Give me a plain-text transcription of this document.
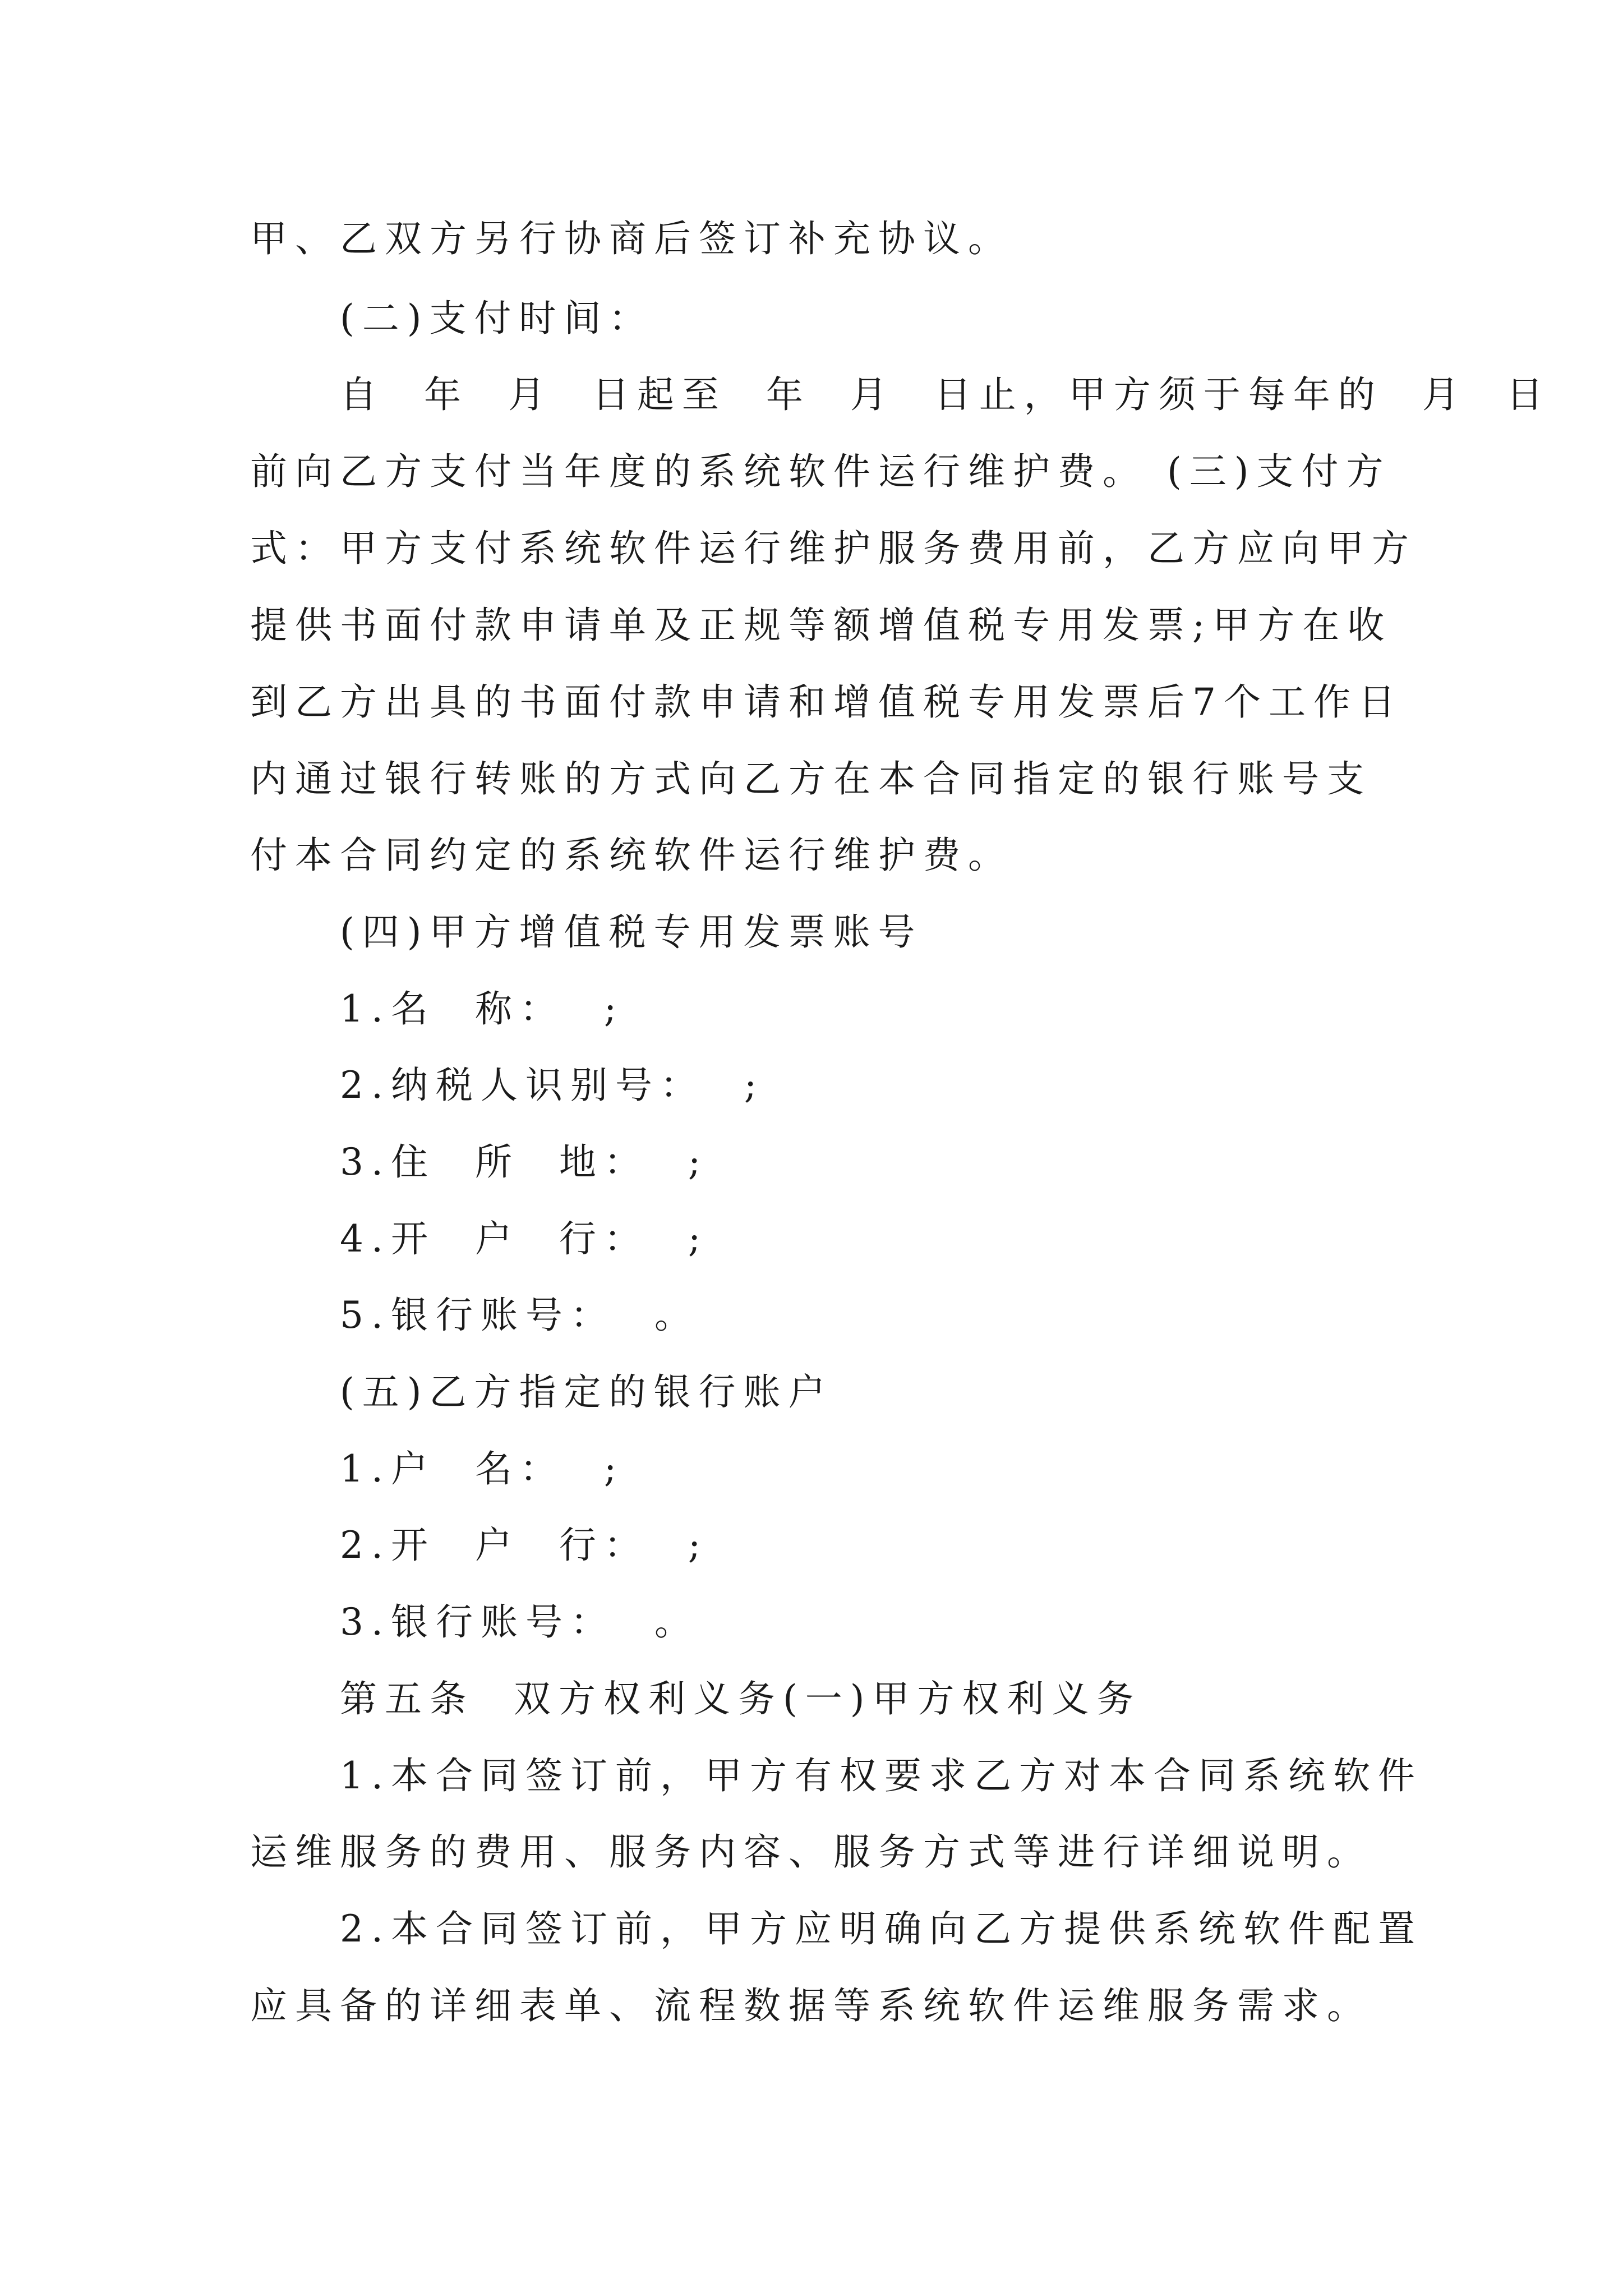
甲、乙双方另行协商后签订补充协议。
(二)支付时间：
自  年  月  日起至  年  月  日止，甲方须于每年的  月  日
前向乙方支付当年度的系统软件运行维护费。 (三)支付方
式：甲方支付系统软件运行维护服务费用前，乙方应向甲方
提供书面付款申请单及正规等额增值税专用发票;甲方在收
到乙方出具的书面付款申请和增值税专用发票后7个工作日
内通过银行转账的方式向乙方在本合同指定的银行账号支
付本合同约定的系统软件运行维护费。
(四)甲方增值税专用发票账号
1.名  称：  ;
2.纳税人识别号：  ;
3.住  所  地：  ;
4.开  户  行：  ;
5.银行账号：  。
(五)乙方指定的银行账户
1.户  名：  ;
2.开  户  行：  ;
3.银行账号：  。
第五条  双方权利义务(一)甲方权利义务
1.本合同签订前，甲方有权要求乙方对本合同系统软件
运维服务的费用、服务内容、服务方式等进行详细说明。
2.本合同签订前，甲方应明确向乙方提供系统软件配置
应具备的详细表单、流程数据等系统软件运维服务需求。
